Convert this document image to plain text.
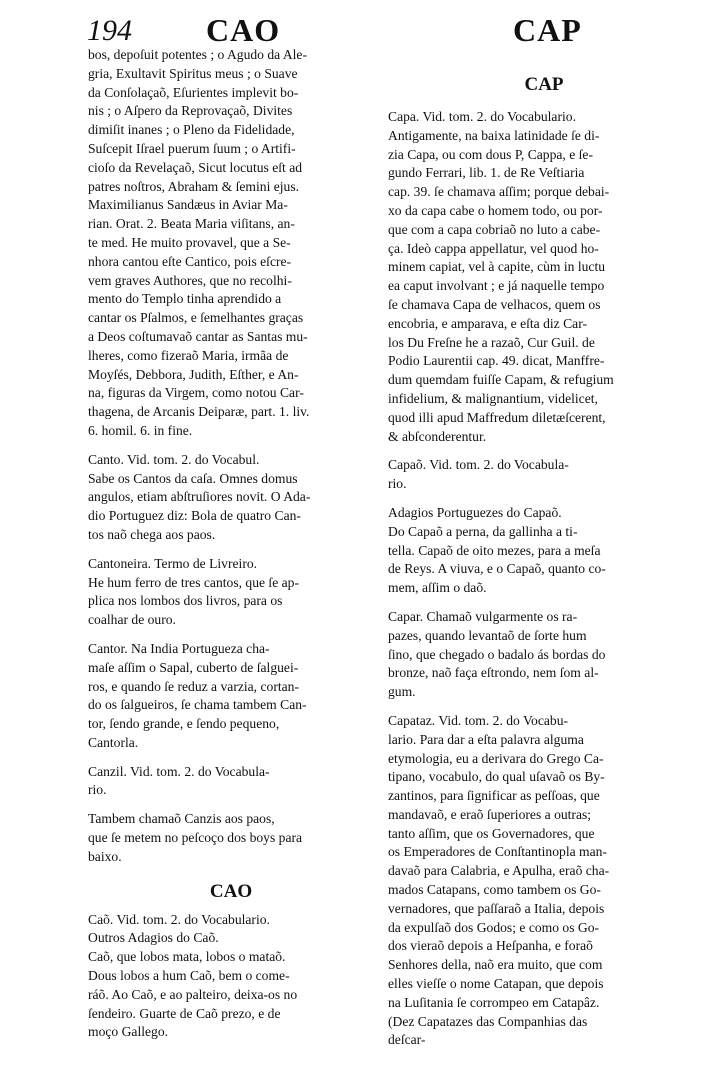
194 CAO	CAP
bos, depoſuit potentes ; o Agudo da Ale-
gria, Exultavit Spiritus meus ; o Suave
da Conſolaçaõ, Eſurientes implevit bo-
nis ; o Aſpero da Reprovaçaõ, Divites
dimiſit inanes ; o Pleno da Fidelidade,
Suſcepit Iſrael puerum ſuum ; o Artifi-
cioſo da Revelaçaõ, Sicut locutus eſt ad
patres noſtros, Abraham & ſemini ejus.
Maximilianus Sandæus in Aviar Ma-
rian. Orat. 2. Beata Maria viſitans, an-
te med. He muito provavel, que a Se-
nhora cantou eſte Cantico, pois eſcre-
vem graves Authores, que no recolhi-
mento do Templo tinha aprendido a
cantar os Pſalmos, e ſemelhantes graças
a Deos coſtumavaõ cantar as Santas mu-
lheres, como fizeraõ Maria, irmãa de
Moyſés, Debbora, Judith, Eſther, e An-
na, figuras da Virgem, como notou Car-
thagena, de Arcanis Deiparæ, part. 1. liv.
6. homil. 6. in fine.
Canto. Vid. tom. 2. do Vocabul.
Sabe os Cantos da caſa. Omnes domus
angulos, etiam abſtruſiores novit. O Ada-
dio Portuguez diz: Bola de quatro Can-
tos naõ chega aos paos.
Cantoneira. Termo de Livreiro.
He hum ferro de tres cantos, que ſe ap-
plica nos lombos dos livros, para os
coalhar de ouro.
Cantor. Na India Portugueza cha-
maſe aſſim o Sapal, cuberto de ſalguei-
ros, e quando ſe reduz a varzia, cortan-
do os ſalgueiros, ſe chama tambem Can-
tor, ſendo grande, e ſendo pequeno,
Cantorla.
Canzil. Vid. tom. 2. do Vocabula-
rio.
Tambem chamaõ Canzis aos paos,
que ſe metem no peſcoço dos boys para
baixo.
CAO
Caõ. Vid. tom. 2. do Vocabulario.
Outros Adagios do Caõ.
Caõ, que lobos mata, lobos o mataõ.
Dous lobos a hum Caõ, bem o come-
ráõ. Ao Caõ, e ao palteiro, deixa-os no
ſendeiro. Guarte de Caõ prezo, e de
moço Gallego.
CAP
Capa. Vid. tom. 2. do Vocabulario.
Antigamente, na baixa latinidade ſe di-
zia Capa, ou com dous P, Cappa, e ſe-
gundo Ferrari, lib. 1. de Re Veſtiaria
cap. 39. ſe chamava aſſim; porque debai-
xo da capa cabe o homem todo, ou por-
que com a capa cobriaõ no luto a cabe-
ça. Ideò cappa appellatur, vel quod ho-
minem capiat, vel à capite, cùm in luctu
ea caput involvant ; e já naquelle tempo
ſe chamava Capa de velhacos, quem os
encobria, e amparava, e eſta diz Car-
los Du Freſne he a razaõ, Cur Guil. de
Podio Laurentii cap. 49. dicat, Manffre-
dum quemdam fuiſſe Capam, & refugium
infidelium, & malignantium, videlicet,
quod illi apud Maffredum diletæſcerent,
& abſconderentur.
Capaõ. Vid. tom. 2. do Vocabula-
rio.
Adagios Portuguezes do Capaõ.
Do Capaõ a perna, da gallinha a ti-
tella. Capaõ de oito mezes, para a meſa
de Reys. A viuva, e o Capaõ, quanto co-
mem, aſſim o daõ.
Capar. Chamaõ vulgarmente os ra-
pazes, quando levantaõ de ſorte hum
ſino, que chegado o badalo ás bordas do
bronze, naõ faça eſtrondo, nem ſom al-
gum.
Capataz. Vid. tom. 2. do Vocabu-
lario. Para dar a eſta palavra alguma
etymologia, eu a derivara do Grego Ca-
tipano, vocabulo, do qual uſavaõ os By-
zantinos, para ſignificar as peſſoas, que
mandavaõ, e eraõ ſuperiores a outras;
tanto aſſim, que os Governadores, que
os Emperadores de Conſtantinopla man-
davaõ para Calabria, e Apulha, eraõ cha-
mados Catapans, como tambem os Go-
vernadores, que paſſaraõ a Italia, depois
da expulſaõ dos Godos; e como os Go-
dos vieraõ depois a Heſpanha, e foraõ
Senhores della, naõ era muito, que com
elles vieſſe o nome Catapan, que depois
na Luſitania ſe corrompeo em Catapâz.
(Dez Capatazes das Companhias das
deſcar-
